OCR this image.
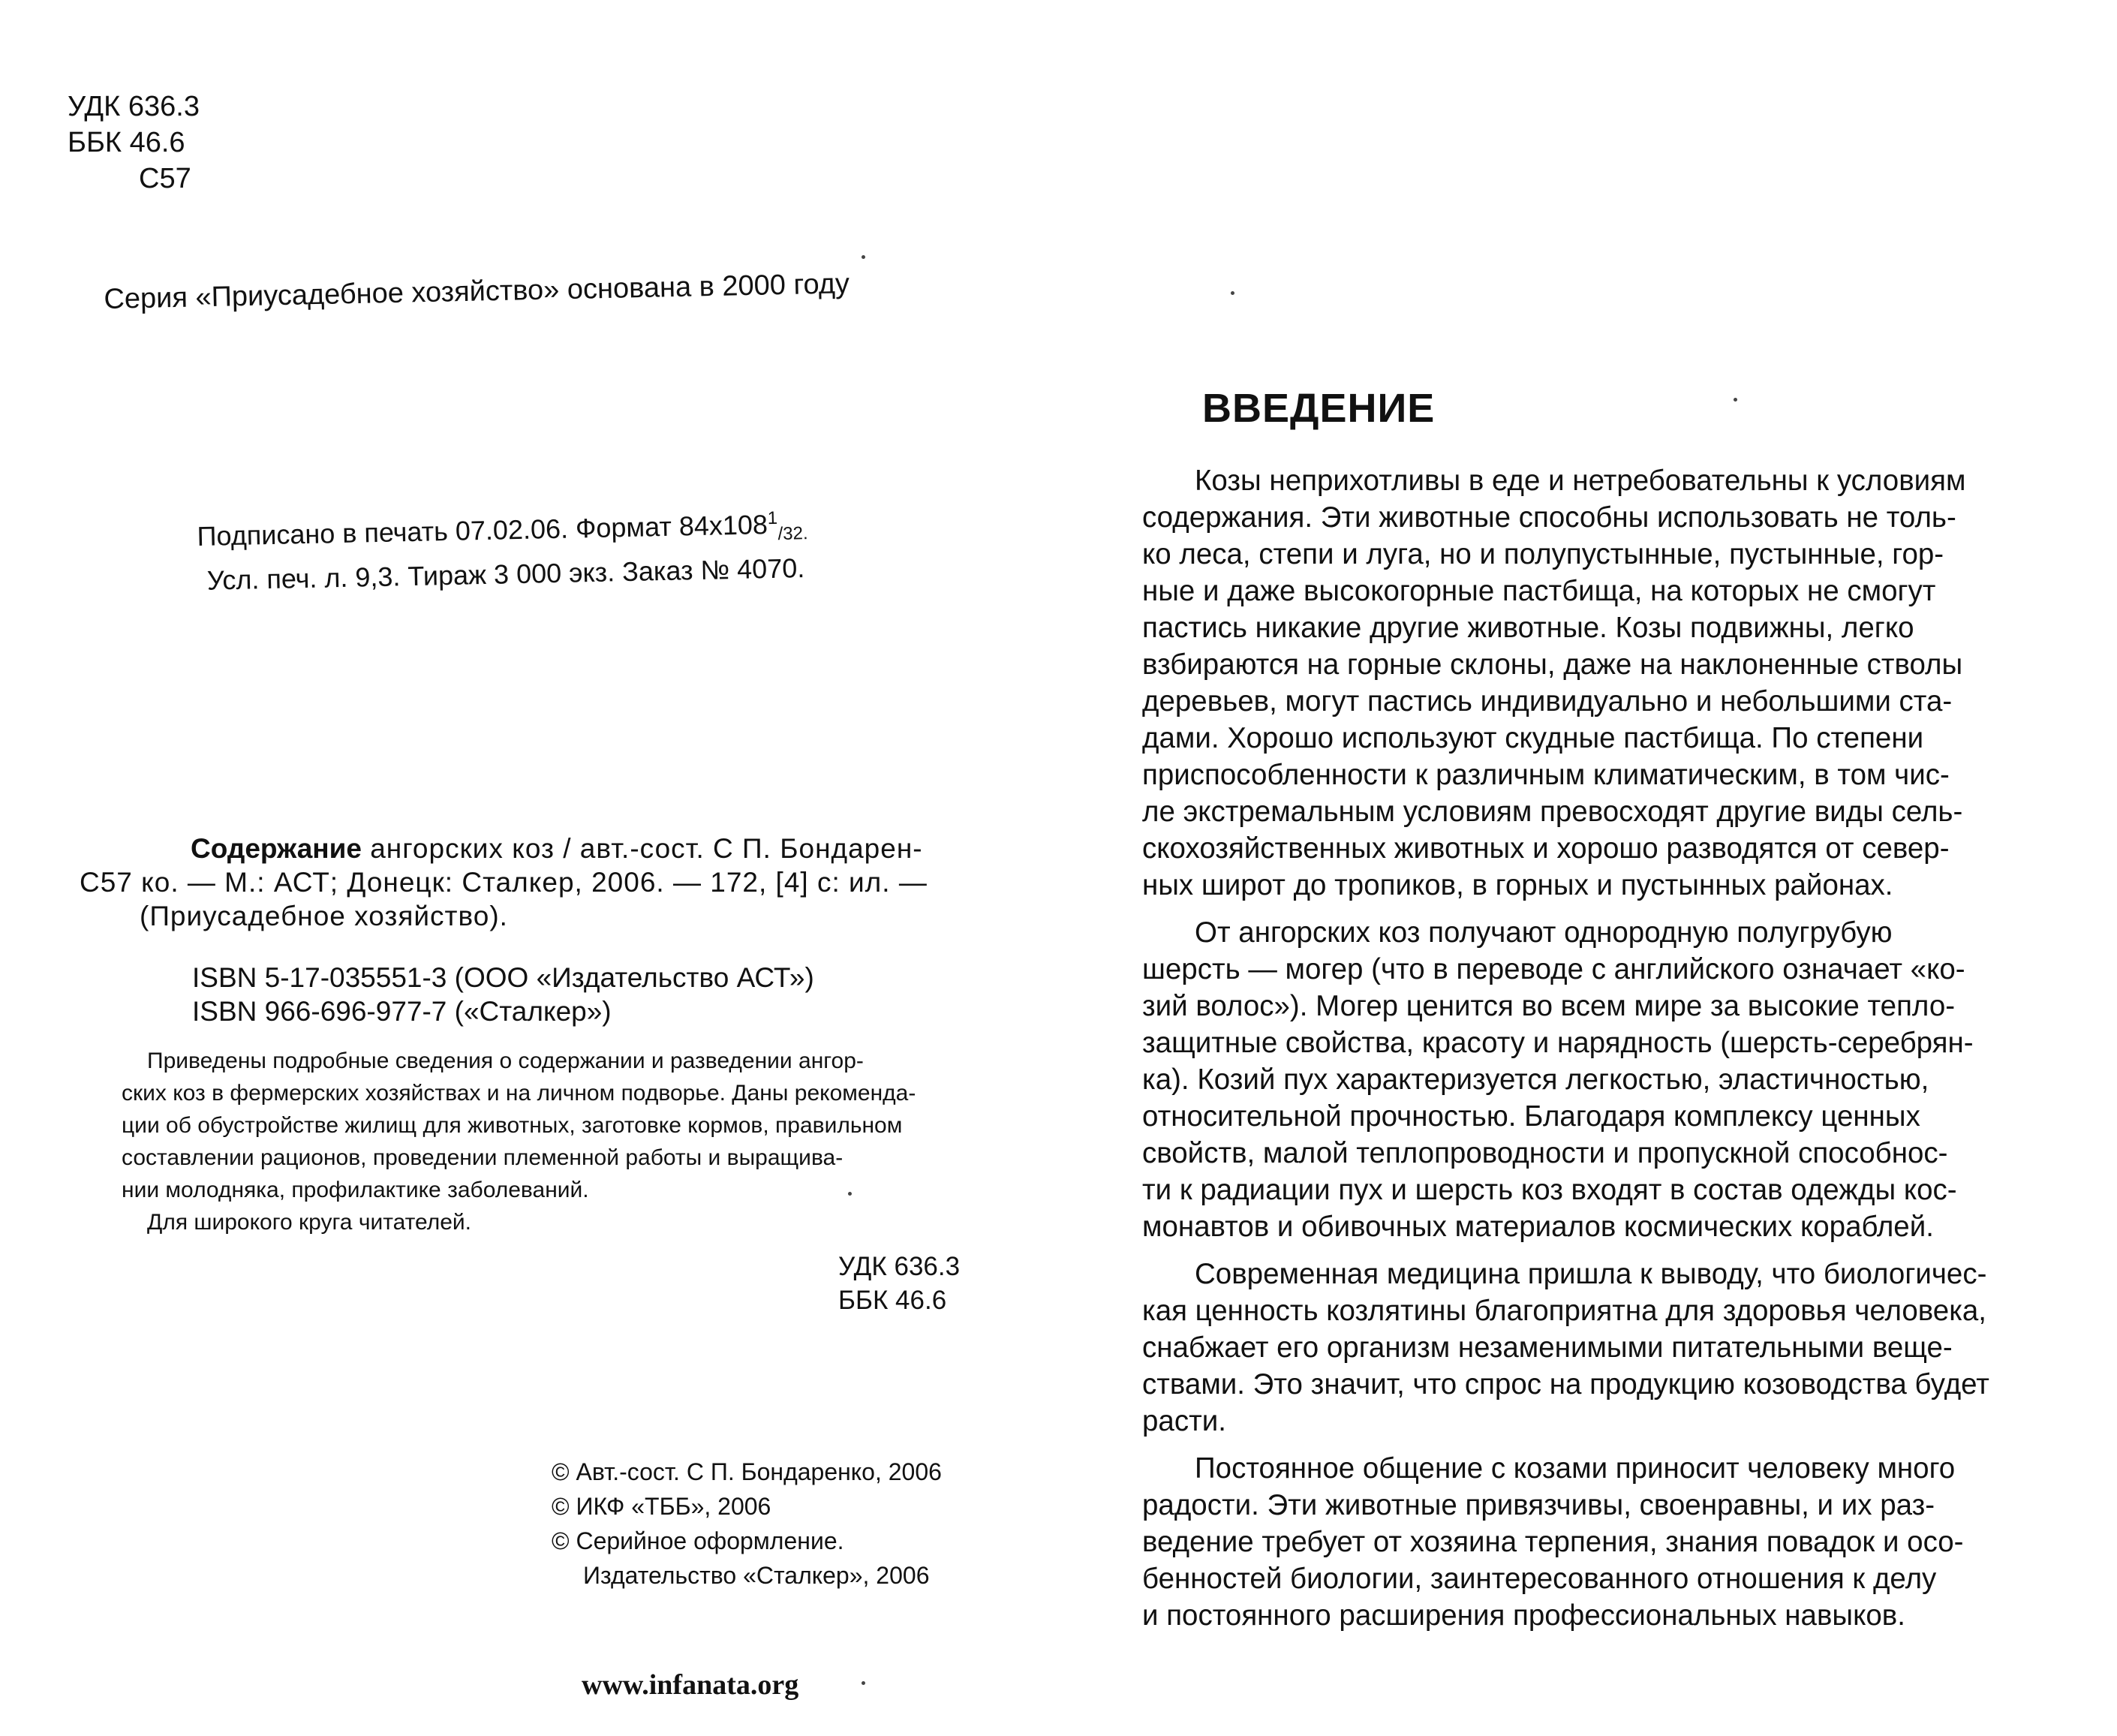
УДК 636.3
ББК 46.6
С57
Серия «Приусадебное хозяйство» основана в 2000 году
Подписано в печать 07.02.06. Формат $84x108^1_{/32.}$
Усл. печ. л. 9,3. Тираж 3 000 экз. Заказ № 4070.
Содержание ангорских коз / авт.-сост. С П. Бондарен-
С57 ко. — М.: АСТ; Донецк: Сталкер, 2006. — 172, [4] с: ил. —
(Приусадебное хозяйство).
ISBN 5-17-035551-3 (ООО «Издательство АСТ»)
ISBN 966-696-977-7 («Сталкер»)
Приведены подробные сведения о содержании и разведении ангор-
ских коз в фермерских хозяйствах и на личном подворье. Даны рекоменда-
ции об обустройстве жилищ для животных, заготовке кормов, правильном
составлении рационов, проведении племенной работы и выращива-
нии молодняка, профилактике заболеваний.
Для широкого круга читателей.
УДК 636.3
ББК 46.6
© Авт.-сост. С П. Бондаренко, 2006
© ИКФ «ТББ», 2006
© Серийное оформление.
Издательство «Сталкер», 2006
www.infanata.org
ВВЕДЕНИЕ
Козы неприхотливы в еде и нетребовательны к условиям
содержания. Эти животные способны использовать не толь-
ко леса, степи и луга, но и полупустынные, пустынные, гор-
ные и даже высокогорные пастбища, на которых не смогут
пастись никакие другие животные. Козы подвижны, легко
взбираются на горные склоны, даже на наклоненные стволы
деревьев, могут пастись индивидуально и небольшими ста-
дами. Хорошо используют скудные пастбища. По степени
приспособленности к различным климатическим, в том чис-
ле экстремальным условиям превосходят другие виды сель-
скохозяйственных животных и хорошо разводятся от север-
ных широт до тропиков, в горных и пустынных районах.
От ангорских коз получают однородную полугрубую
шерсть — могер (что в переводе с английского означает «ко-
зий волос»). Могер ценится во всем мире за высокие тепло-
защитные свойства, красоту и нарядность (шерсть-серебрян-
ка). Козий пух характеризуется легкостью, эластичностью,
относительной прочностью. Благодаря комплексу ценных
свойств, малой теплопроводности и пропускной способнос-
ти к радиации пух и шерсть коз входят в состав одежды кос-
монавтов и обивочных материалов космических кораблей.
Современная медицина пришла к выводу, что биологичес-
кая ценность козлятины благоприятна для здоровья человека,
снабжает его организм незаменимыми питательными веще-
ствами. Это значит, что спрос на продукцию козоводства будет
расти.
Постоянное общение с козами приносит человеку много
радости. Эти животные привязчивы, своенравны, и их раз-
ведение требует от хозяина терпения, знания повадок и осо-
бенностей биологии, заинтересованного отношения к делу
и постоянного расширения профессиональных навыков.
